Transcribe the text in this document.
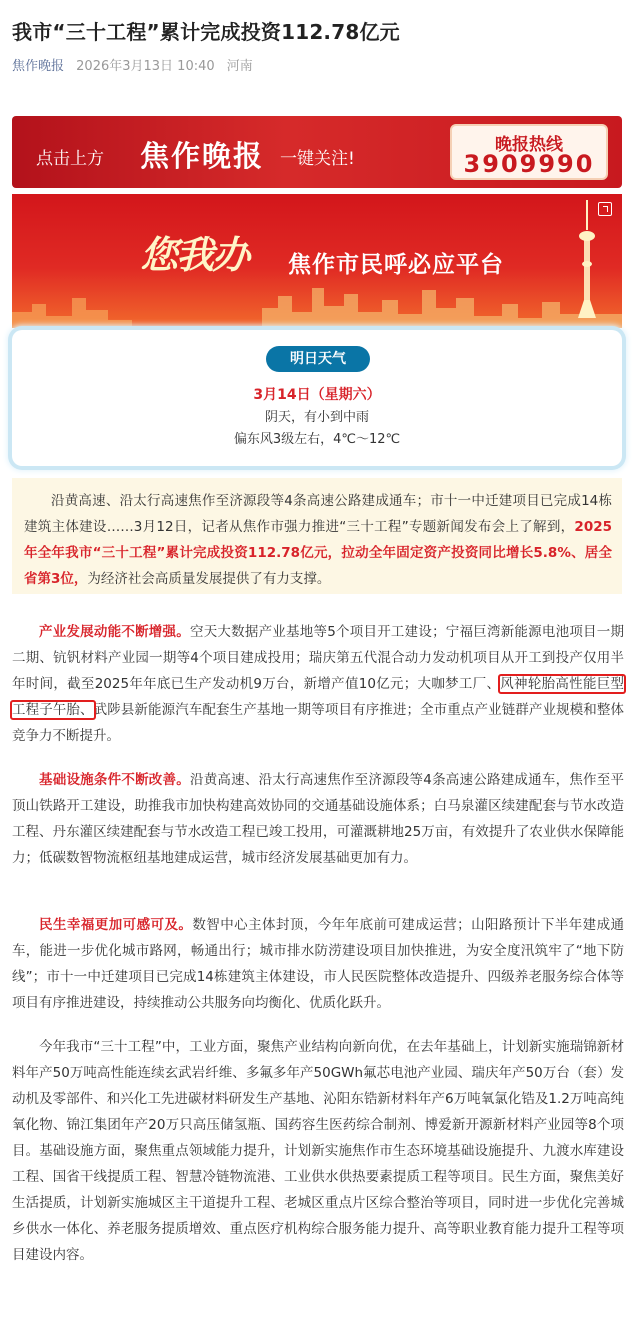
我市“三十工程”累计完成投资112.78亿元
焦作晚报 2026年3月13日 10:40 河南
点击上方 焦作晚报 一键关注!
晚报热线
3909990
您我办 焦作市民呼必应平台
明日天气
3月14日（星期六）
阴天，有小到中雨
偏东风3级左右，4℃～12℃

沿黄高速、沿太行高速焦作至济源段等4条高速公路建成通车；市十一中迁建项目已完成14栋建筑主体建设……3月12日，记者从焦作市强力推进“三十工程”专题新闻发布会上了解到，2025年全年我市“三十工程”累计完成投资112.78亿元，拉动全年固定资产投资同比增长5.8%、居全省第3位，为经济社会高质量发展提供了有力支撑。

产业发展动能不断增强。空天大数据产业基地等5个项目开工建设；宁福巨湾新能源电池项目一期二期、钪钒材料产业园一期等4个项目建成投用；瑞庆第五代混合动力发动机项目从开工到投产仅用半年时间，截至2025年年底已生产发动机9万台，新增产值10亿元；大咖梦工厂、风神轮胎高性能巨型工程子午胎、武陟县新能源汽车配套生产基地一期等项目有序推进；全市重点产业链群产业规模和整体竞争力不断提升。

基础设施条件不断改善。沿黄高速、沿太行高速焦作至济源段等4条高速公路建成通车，焦作至平顶山铁路开工建设，助推我市加快构建高效协同的交通基础设施体系；白马泉灌区续建配套与节水改造工程、丹东灌区续建配套与节水改造工程已竣工投用，可灌溉耕地25万亩，有效提升了农业供水保障能力；低碳数智物流枢纽基地建成运营，城市经济发展基础更加有力。

民生幸福更加可感可及。数智中心主体封顶，今年年底前可建成运营；山阳路预计下半年建成通车，能进一步优化城市路网，畅通出行；城市排水防涝建设项目加快推进，为安全度汛筑牢了“地下防线”；市十一中迁建项目已完成14栋建筑主体建设，市人民医院整体改造提升、四级养老服务综合体等项目有序推进建设，持续推动公共服务向均衡化、优质化跃升。

今年我市“三十工程”中，工业方面，聚焦产业结构向新向优，在去年基础上，计划新实施瑞锦新材料年产50万吨高性能连续玄武岩纤维、多氟多年产50GWh氟芯电池产业园、瑞庆年产50万台（套）发动机及零部件、和兴化工先进碳材料研发生产基地、沁阳东锆新材料年产6万吨氧氯化锆及1.2万吨高纯氧化物、锦江集团年产20万只高压储氢瓶、国药容生医药综合制剂、博爱新开源新材料产业园等8个项目。基础设施方面，聚焦重点领域能力提升，计划新实施焦作市生态环境基础设施提升、九渡水库建设工程、国省干线提质工程、智慧冷链物流港、工业供水供热要素提质工程等项目。民生方面，聚焦美好生活提质，计划新实施城区主干道提升工程、老城区重点片区综合整治等项目，同时进一步优化完善城乡供水一体化、养老服务提质增效、重点医疗机构综合服务能力提升、高等职业教育能力提升工程等项目建设内容。
